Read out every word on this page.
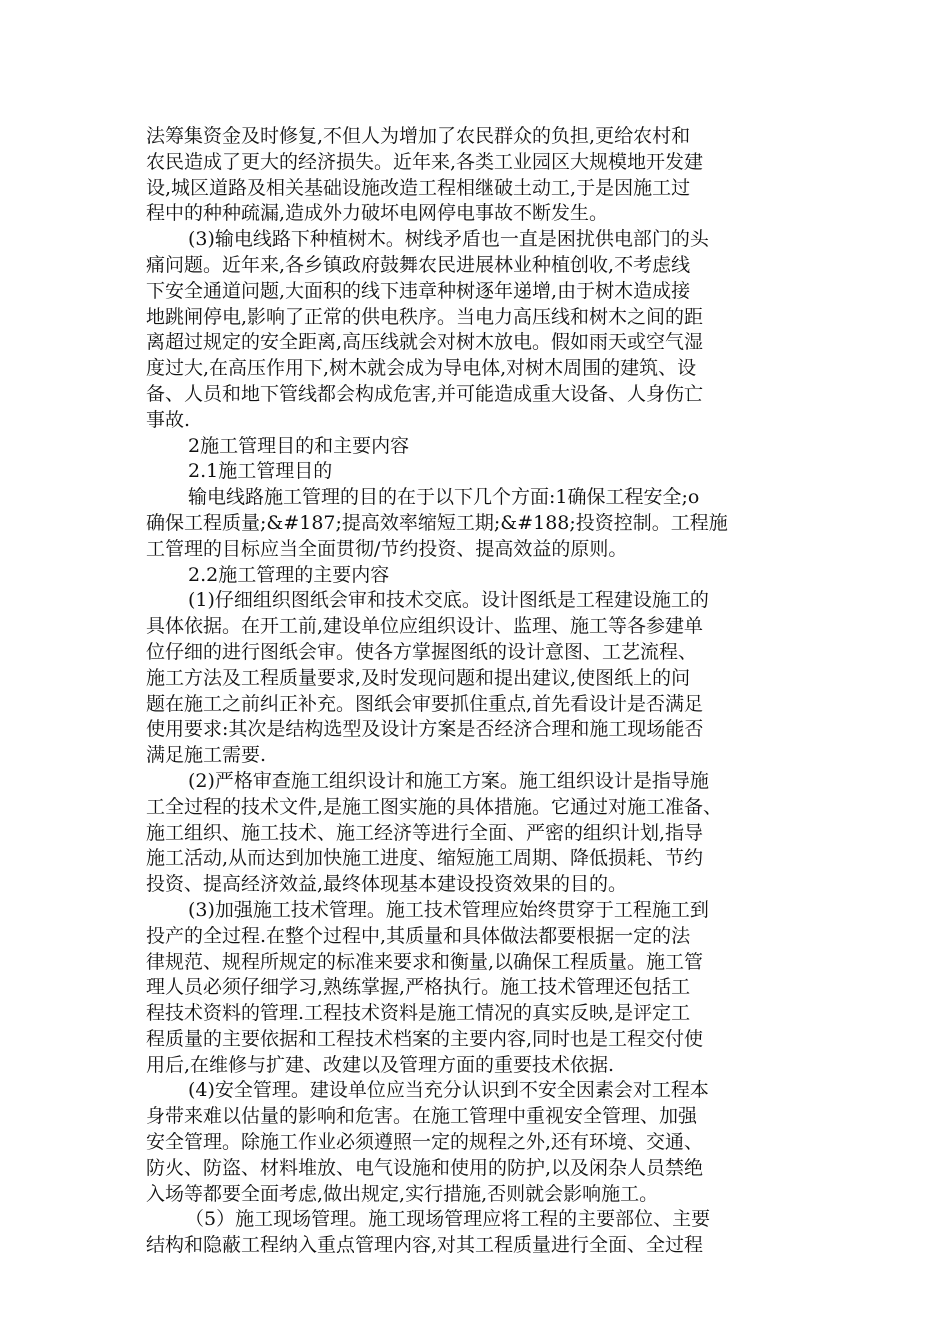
法筹集资金及时修复,不但人为增加了农民群众的负担,更给农村和
农民造成了更大的经济损失。近年来,各类工业园区大规模地开发建
设,城区道路及相关基础设施改造工程相继破土动工,于是因施工过
程中的种种疏漏,造成外力破坏电网停电事故不断发生。
(3)输电线路下种植树木。树线矛盾也一直是困扰供电部门的头
痛问题。近年来,各乡镇政府鼓舞农民进展林业种植创收,不考虑线
下安全通道问题,大面积的线下违章种树逐年递增,由于树木造成接
地跳闸停电,影响了正常的供电秩序。当电力高压线和树木之间的距
离超过规定的安全距离,高压线就会对树木放电。假如雨天或空气湿
度过大,在高压作用下,树木就会成为导电体,对树木周围的建筑、设
备、人员和地下管线都会构成危害,并可能造成重大设备、人身伤亡
事故.
2施工管理目的和主要内容
2.1施工管理目的
输电线路施工管理的目的在于以下几个方面:1确保工程安全;o
确保工程质量;&#187;提高效率缩短工期;&#188;投资控制。工程施
工管理的目标应当全面贯彻/节约投资、提高效益的原则。
2.2施工管理的主要内容
(1)仔细组织图纸会审和技术交底。设计图纸是工程建设施工的
具体依据。在开工前,建设单位应组织设计、监理、施工等各参建单
位仔细的进行图纸会审。使各方掌握图纸的设计意图、工艺流程、
施工方法及工程质量要求,及时发现问题和提出建议,使图纸上的问
题在施工之前纠正补充。图纸会审要抓住重点,首先看设计是否满足
使用要求:其次是结构选型及设计方案是否经济合理和施工现场能否
满足施工需要.
(2)严格审查施工组织设计和施工方案。施工组织设计是指导施
工全过程的技术文件,是施工图实施的具体措施。它通过对施工准备、
施工组织、施工技术、施工经济等进行全面、严密的组织计划,指导
施工活动,从而达到加快施工进度、缩短施工周期、降低损耗、节约
投资、提高经济效益,最终体现基本建设投资效果的目的。
(3)加强施工技术管理。施工技术管理应始终贯穿于工程施工到
投产的全过程.在整个过程中,其质量和具体做法都要根据一定的法
律规范、规程所规定的标准来要求和衡量,以确保工程质量。施工管
理人员必须仔细学习,熟练掌握,严格执行。施工技术管理还包括工
程技术资料的管理.工程技术资料是施工情况的真实反映,是评定工
程质量的主要依据和工程技术档案的主要内容,同时也是工程交付使
用后,在维修与扩建、改建以及管理方面的重要技术依据.
(4)安全管理。建设单位应当充分认识到不安全因素会对工程本
身带来难以估量的影响和危害。在施工管理中重视安全管理、加强
安全管理。除施工作业必须遵照一定的规程之外,还有环境、交通、
防火、防盗、材料堆放、电气设施和使用的防护,以及闲杂人员禁绝
入场等都要全面考虑,做出规定,实行措施,否则就会影响施工。
（5）施工现场管理。施工现场管理应将工程的主要部位、主要
结构和隐蔽工程纳入重点管理内容,对其工程质量进行全面、全过程
